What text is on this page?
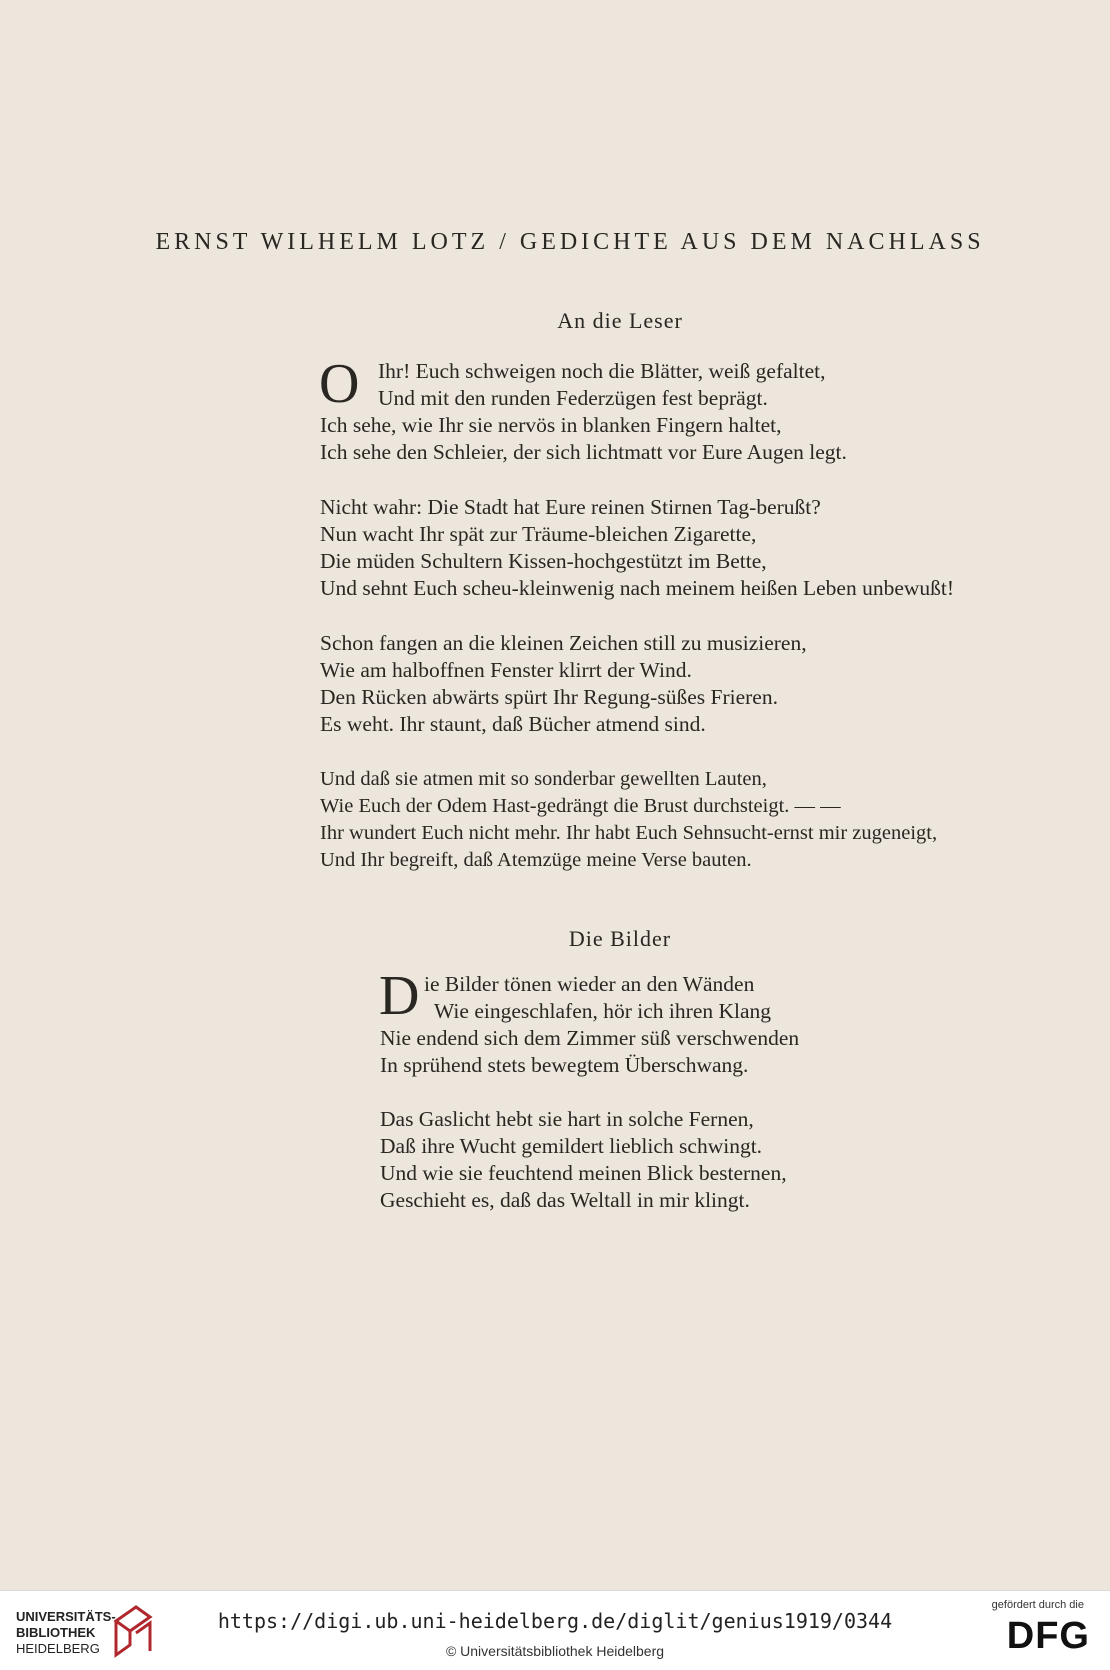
ERNST WILHELM LOTZ / GEDICHTE AUS DEM NACHLASS
An die Leser
O Ihr! Euch schweigen noch die Blätter, weiß gefaltet,
Und mit den runden Federzügen fest beprägt.
Ich sehe, wie Ihr sie nervös in blanken Fingern haltet,
Ich sehe den Schleier, der sich lichtmatt vor Eure Augen legt.
Nicht wahr: Die Stadt hat Eure reinen Stirnen Tag-berußt?
Nun wacht Ihr spät zur Träume-bleichen Zigarette,
Die müden Schultern Kissen-hochgestützt im Bette,
Und sehnt Euch scheu-kleinwenig nach meinem heißen Leben unbewußt!
Schon fangen an die kleinen Zeichen still zu musizieren,
Wie am halboffnen Fenster klirrt der Wind.
Den Rücken abwärts spürt Ihr Regung-süßes Frieren.
Es weht. Ihr staunt, daß Bücher atmend sind.
Und daß sie atmen mit so sonderbar gewellten Lauten,
Wie Euch der Odem Hast-gedrängt die Brust durchsteigt. — —
Ihr wundert Euch nicht mehr. Ihr habt Euch Sehnsucht-ernst mir zugeneigt,
Und Ihr begreift, daß Atemzüge meine Verse bauten.
Die Bilder
D ie Bilder tönen wieder an den Wänden
Wie eingeschlafen, hör ich ihren Klang
Nie endend sich dem Zimmer süß verschwenden
In sprühend stets bewegtem Überschwang.
Das Gaslicht hebt sie hart in solche Fernen,
Daß ihre Wucht gemildert lieblich schwingt.
Und wie sie feuchtend meinen Blick besternen,
Geschieht es, daß das Weltall in mir klingt.
UNIVERSITÄTS-
BIBLIOTHEK
HEIDELBERG
https://digi.ub.uni-heidelberg.de/diglit/genius1919/0344
© Universitätsbibliothek Heidelberg
gefördert durch die
DFG
